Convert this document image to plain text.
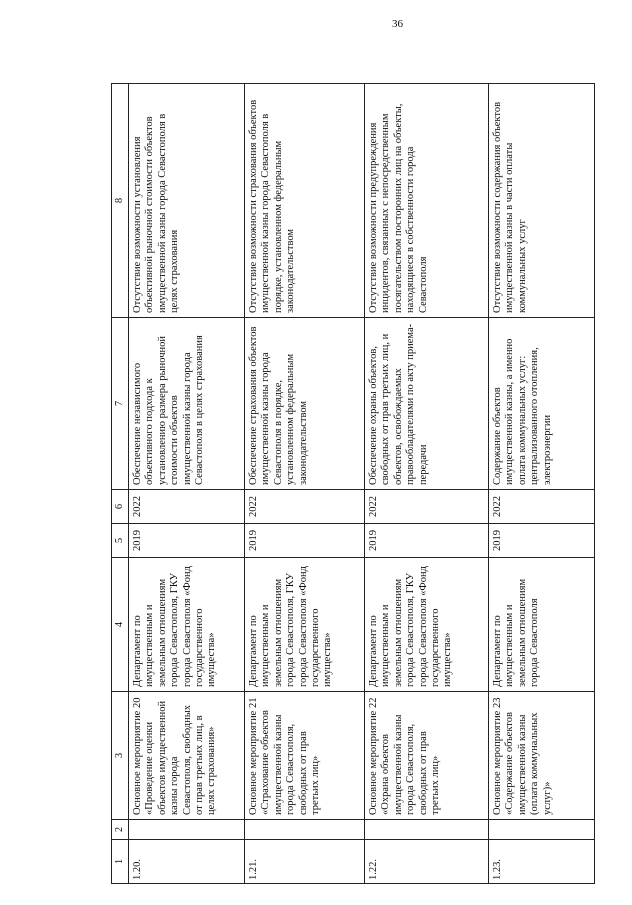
36
1	2	3	4	5	6	7	8
1.20.		Основное мероприятие 20 «Проведение оценки объектов имущественной казны города Севастополя, свободных от прав третьих лиц, в целях страхования»	Департамент по имущественным и земельным отношениям города Севастополя, ГКУ города Севастополя «Фонд государственного имущества»	2019	2022	Обеспечение независимого объективного подхода к установлению размера рыночной стоимости объектов имущественной казны города Севастополя в целях страхования	Отсутствие возможности установления объективной рыночной стоимости объектов имущественной казны города Севастополя в целях страхования
1.21.		Основное мероприятие 21 «Страхование объектов имущественной казны города Севастополя, свободных от прав третьих лиц»	Департамент по имущественным и земельным отношениям города Севастополя, ГКУ города Севастополя «Фонд государственного имущества»	2019	2022	Обеспечение страхования объектов имущественной казны города Севастополя в порядке, установленном федеральным законодательством	Отсутствие возможности страхования объектов имущественной казны города Севастополя в порядке, установленном федеральным законодательством
1.22.		Основное мероприятие 22 «Охрана объектов имущественной казны города Севастополя, свободных от прав третьих лиц»	Департамент по имущественным и земельным отношениям города Севастополя, ГКУ города Севастополя «Фонд государственного имущества»	2019	2022	Обеспечение охраны объектов, свободных от прав третьих лиц, и объектов, освобождаемых правообладателями по акту приема-передачи	Отсутствие возможности предупреждения инцидентов, связанных с непосредственным посягательством посторонних лиц на объекты, находящиеся в собственности города Севастополя
1.23.		Основное мероприятие 23 «Содержание объектов имущественной казны (оплата коммунальных услуг)»	Департамент по имущественным и земельным отношениям города Севастополя	2019	2022	Содержание объектов имущественной казны, а именно оплата коммунальных услуг: централизованного отопления, электроэнергии	Отсутствие возможности содержания объектов имущественной казны в части оплаты коммунальных услуг
